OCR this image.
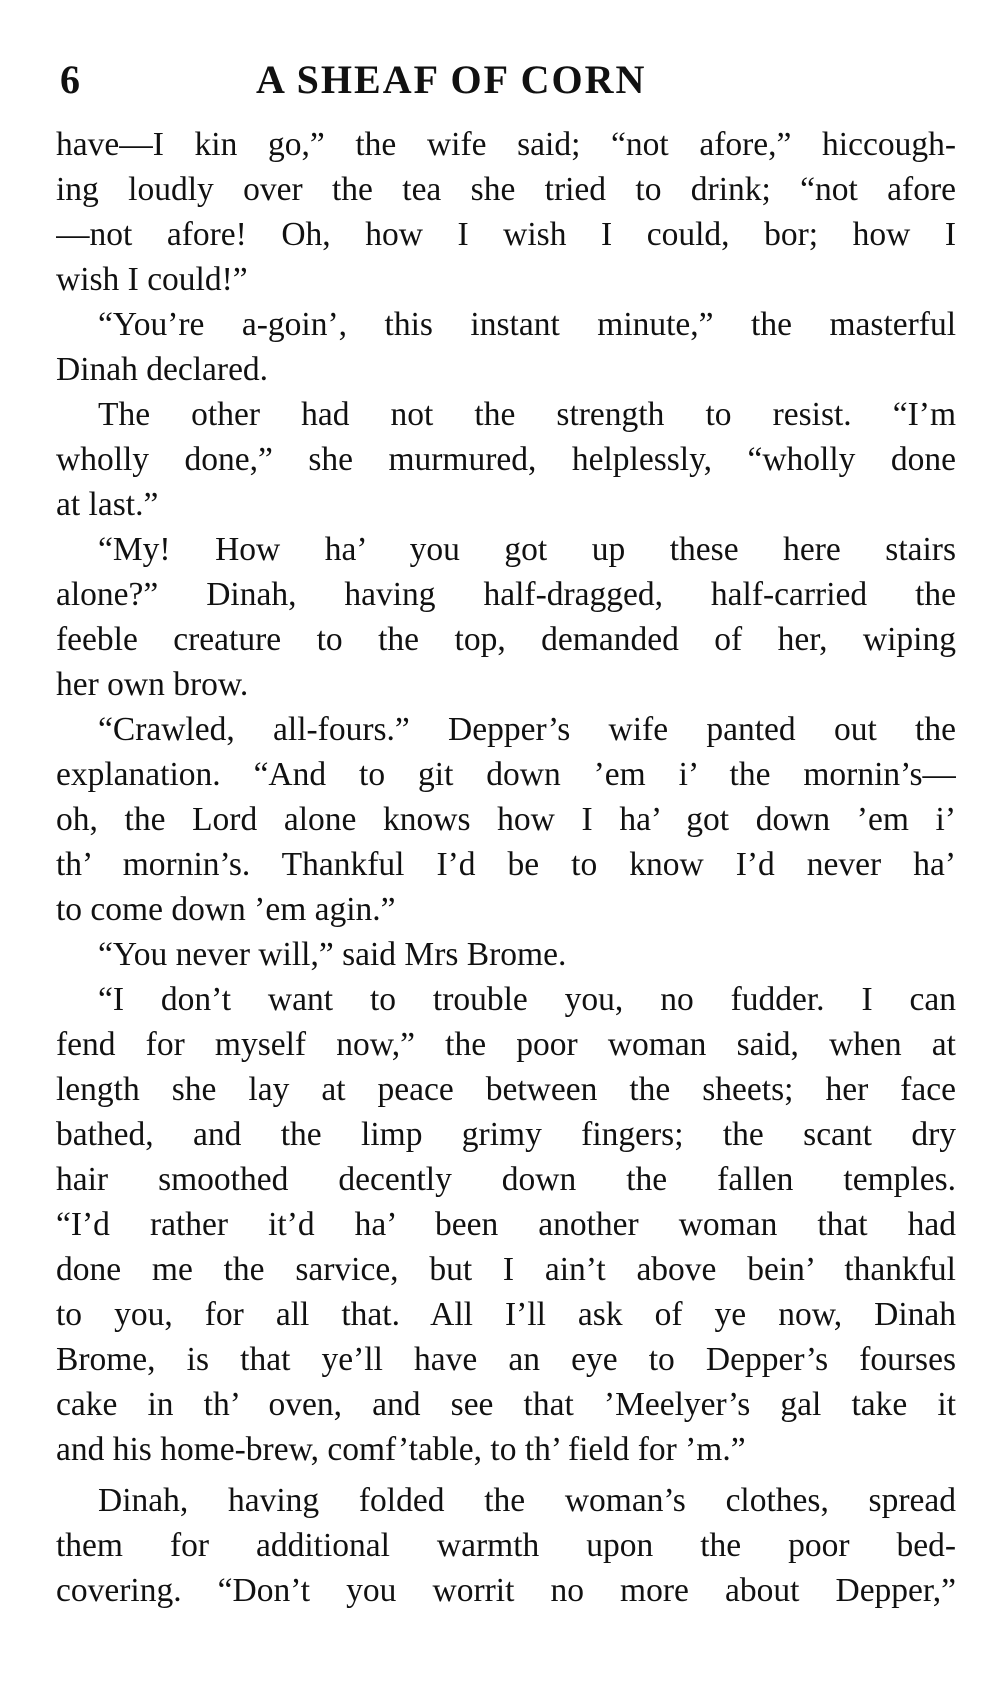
6	A SHEAF OF CORN
have—I kin go,” the wife said; “not afore,” hiccough-
ing loudly over the tea she tried to drink; “not afore
—not afore! Oh, how I wish I could, bor; how I
wish I could!”
“You’re a-goin’, this instant minute,” the masterful
Dinah declared.
The other had not the strength to resist. “I’m
wholly done,” she murmured, helplessly, “wholly done
at last.”
“My! How ha’ you got up these here stairs
alone?” Dinah, having half-dragged, half-carried the
feeble creature to the top, demanded of her, wiping
her own brow.
“Crawled, all-fours.” Depper’s wife panted out the
explanation. “And to git down ’em i’ the mornin’s—
oh, the Lord alone knows how I ha’ got down ’em i’
th’ mornin’s. Thankful I’d be to know I’d never ha’
to come down ’em agin.”
“You never will,” said Mrs Brome.
“I don’t want to trouble you, no fudder. I can
fend for myself now,” the poor woman said, when at
length she lay at peace between the sheets; her face
bathed, and the limp grimy fingers; the scant dry
hair smoothed decently down the fallen temples.
“I’d rather it’d ha’ been another woman that had
done me the sarvice, but I ain’t above bein’ thankful
to you, for all that. All I’ll ask of ye now, Dinah
Brome, is that ye’ll have an eye to Depper’s fourses
cake in th’ oven, and see that ’Meelyer’s gal take it
and his home-brew, comf’table, to th’ field for ’m.”
Dinah, having folded the woman’s clothes, spread
them for additional warmth upon the poor bed-
covering. “Don’t you worrit no more about Depper,”
